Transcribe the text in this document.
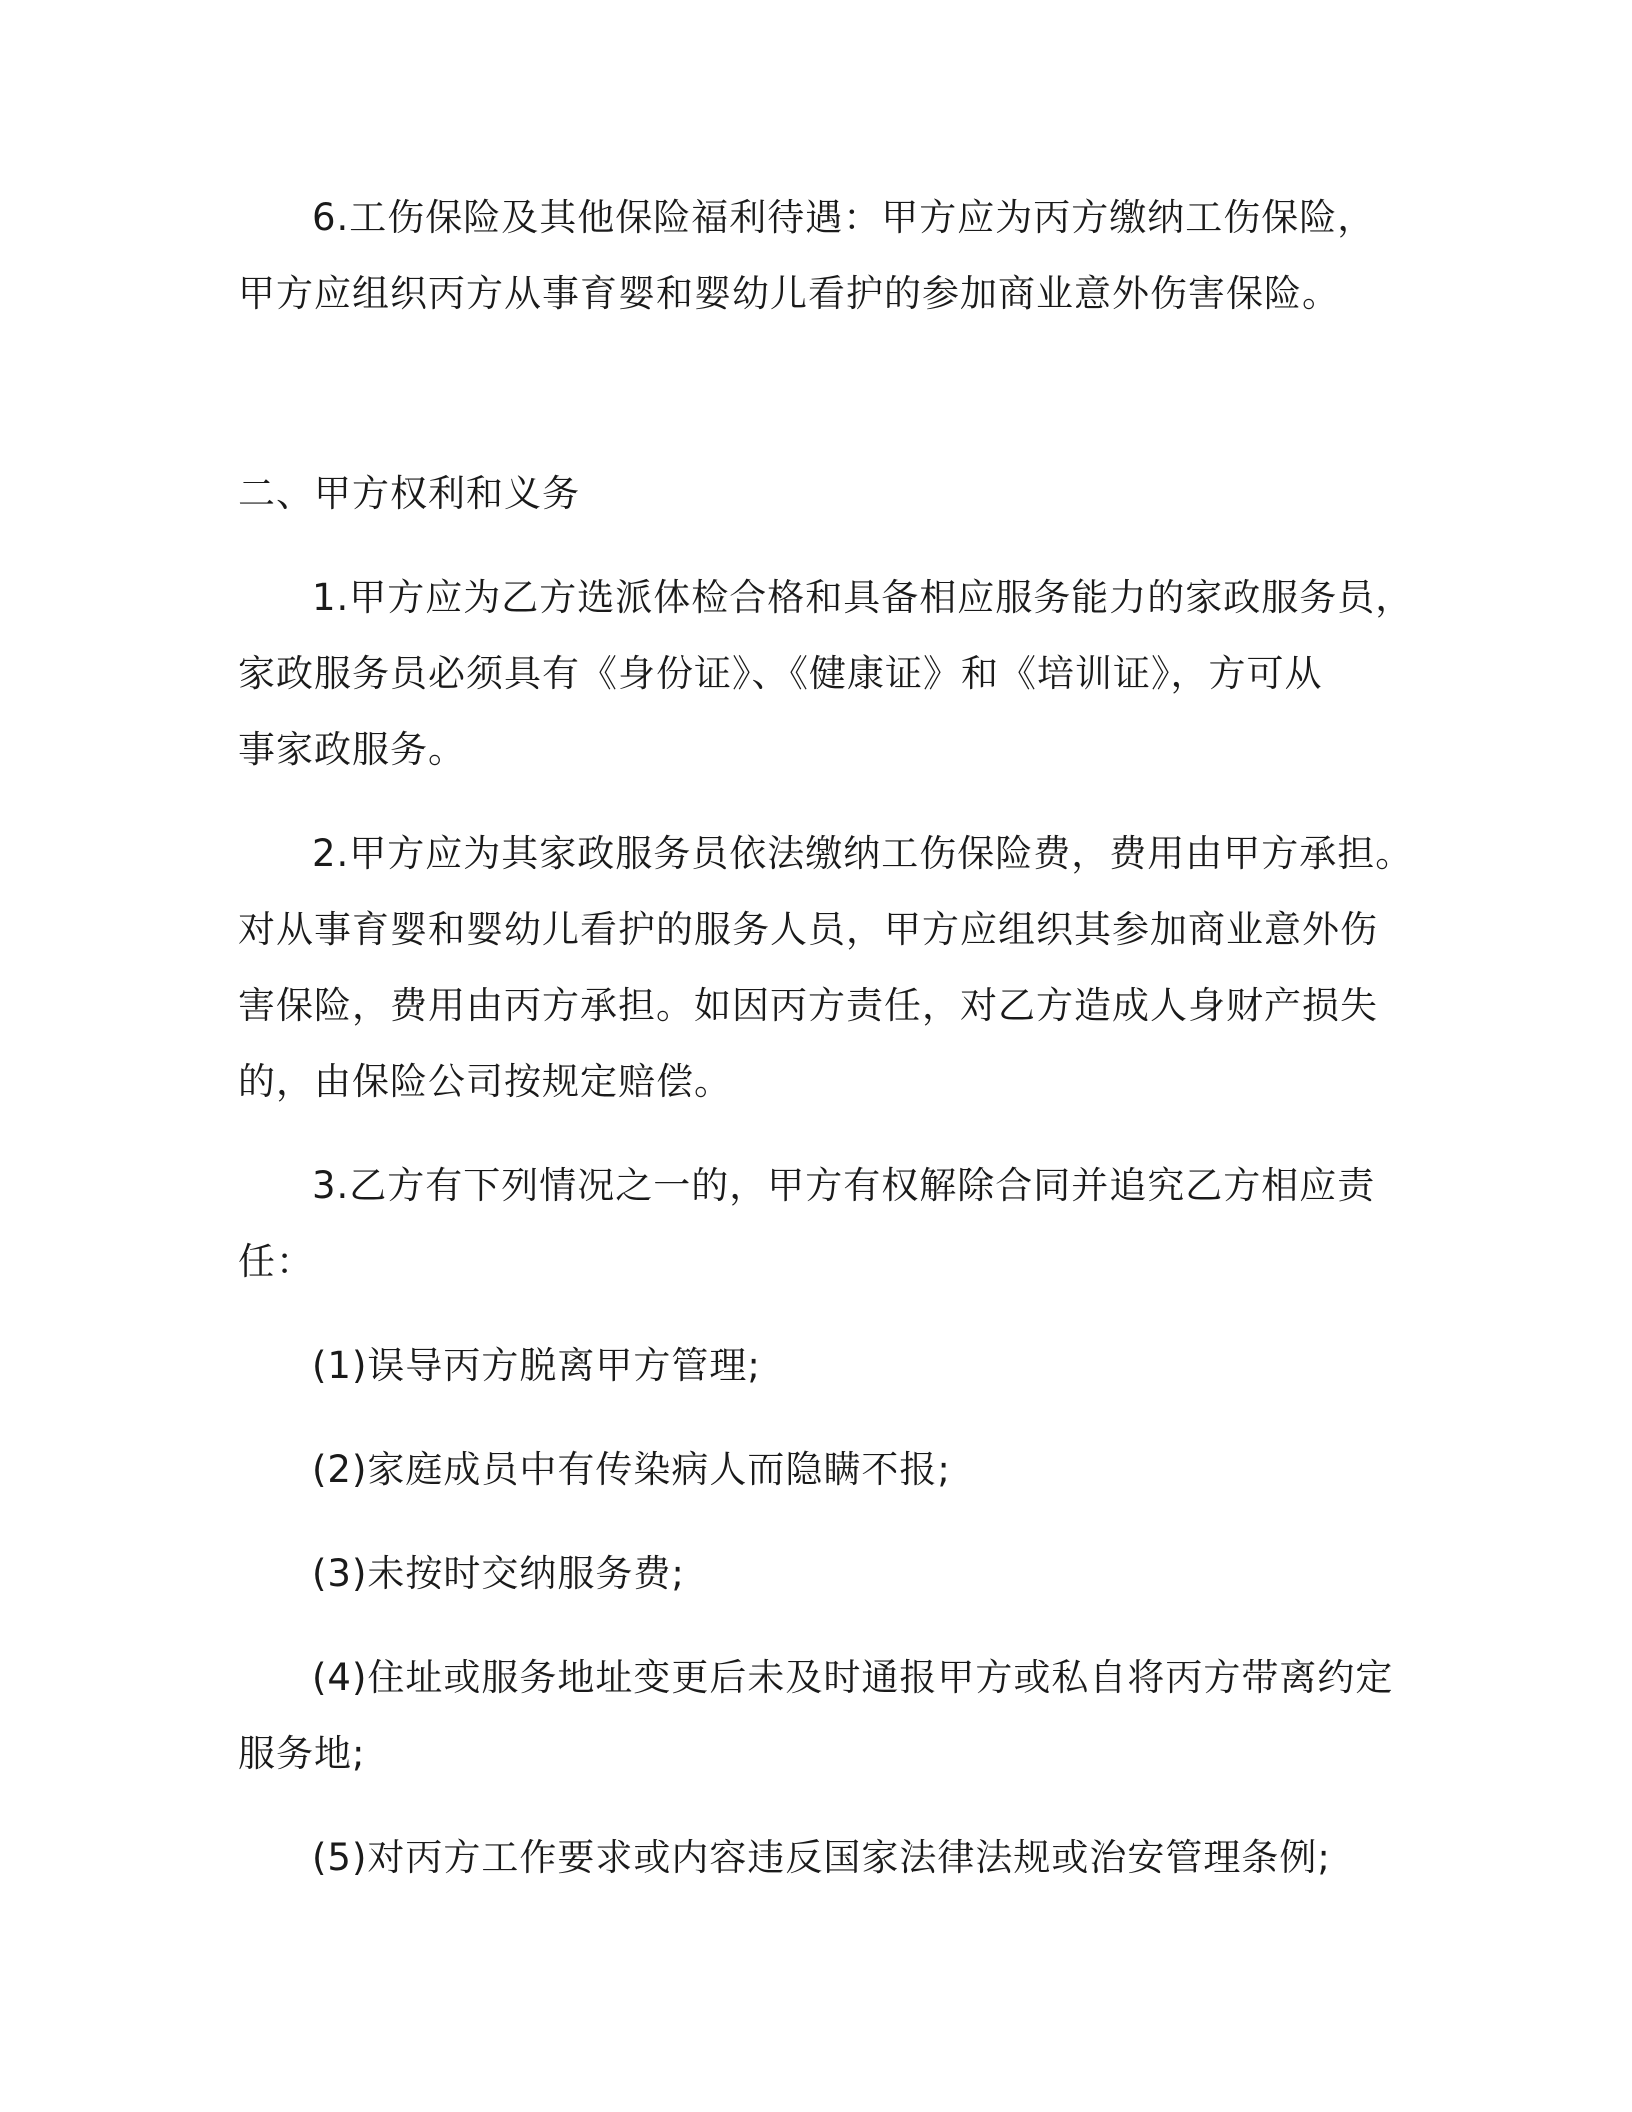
6.工伤保险及其他保险福利待遇：甲方应为丙方缴纳工伤保险，
甲方应组织丙方从事育婴和婴幼儿看护的参加商业意外伤害保险。
二、甲方权利和义务
1.甲方应为乙方选派体检合格和具备相应服务能力的家政服务员，
家政服务员必须具有《身份证》、《健康证》和《培训证》，方可从
事家政服务。
2.甲方应为其家政服务员依法缴纳工伤保险费，费用由甲方承担。
对从事育婴和婴幼儿看护的服务人员，甲方应组织其参加商业意外伤
害保险，费用由丙方承担。如因丙方责任，对乙方造成人身财产损失
的，由保险公司按规定赔偿。
3.乙方有下列情况之一的，甲方有权解除合同并追究乙方相应责
任：
(1)误导丙方脱离甲方管理;
(2)家庭成员中有传染病人而隐瞒不报;
(3)未按时交纳服务费;
(4)住址或服务地址变更后未及时通报甲方或私自将丙方带离约定
服务地;
(5)对丙方工作要求或内容违反国家法律法规或治安管理条例;
